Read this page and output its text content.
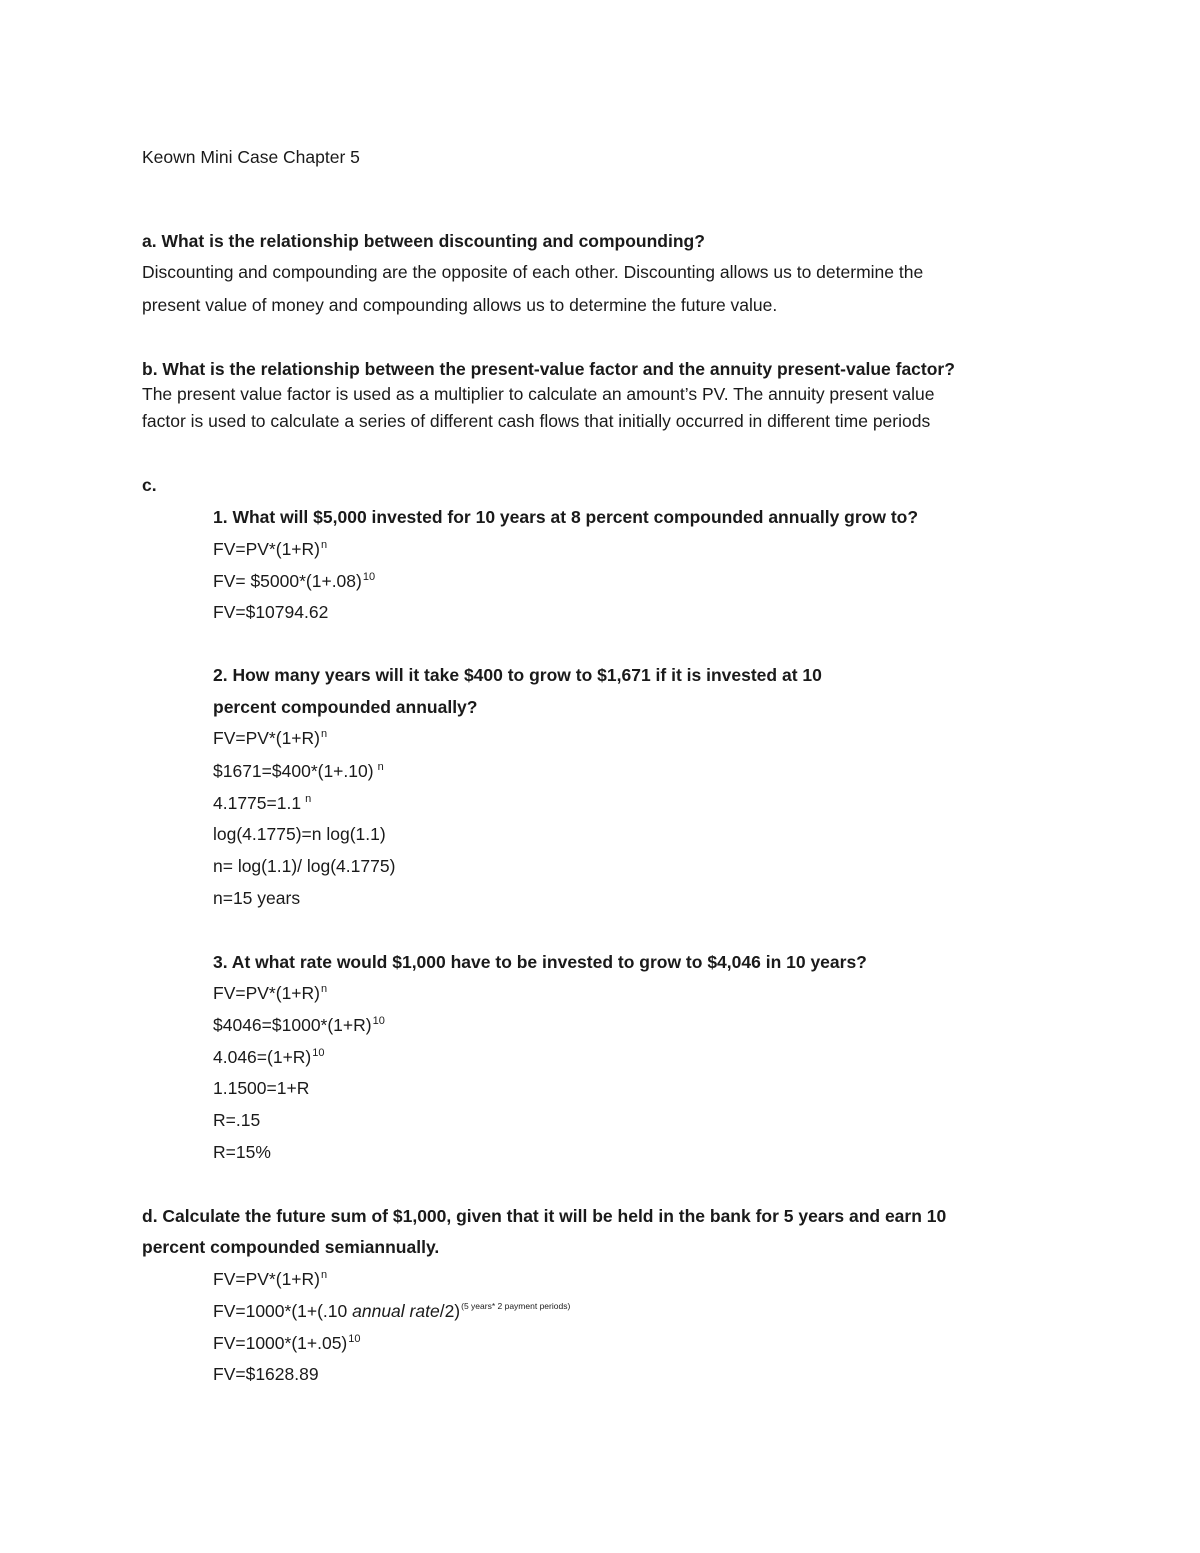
Keown Mini Case Chapter 5
a. What is the relationship between discounting and compounding?
Discounting and compounding are the opposite of each other. Discounting allows us to determine the
present value of money and compounding allows us to determine the future value.
b. What is the relationship between the present-value factor and the annuity present-value factor?
The present value factor is used as a multiplier to calculate an amount’s PV. The annuity present value
factor is used to calculate a series of different cash flows that initially occurred in different time periods
c.
1. What will $5,000 invested for 10 years at 8 percent compounded annually grow to?
$FV=PV*(1+R)^n$
$FV= \$5000*(1+.08)^{10}$
FV=$10794.62
2. How many years will it take $400 to grow to $1,671 if it is invested at 10
percent compounded annually?
$FV=PV*(1+R)^n$
$1671=$400*(1+.10) $^n$
4.1775=1.1 $^n$
log(4.1775)=n log(1.1)
n= log(1.1)/ log(4.1775)
n=15 years
3. At what rate would $1,000 have to be invested to grow to $4,046 in 10 years?
$FV=PV*(1+R)^n$
$\$4046=\$1000*(1+R)^{10}$
$4.046=(1+R)^{10}$
1.1500=1+R
R=.15
R=15%
d. Calculate the future sum of $1,000, given that it will be held in the bank for 5 years and earn 10
percent compounded semiannually.
$FV=PV*(1+R)^n$
FV=1000*(1+(.10 annual rate/2)$^{(5 years* 2 payment periods)}$
$FV=1000*(1+.05)^{10}$
FV=$1628.89
